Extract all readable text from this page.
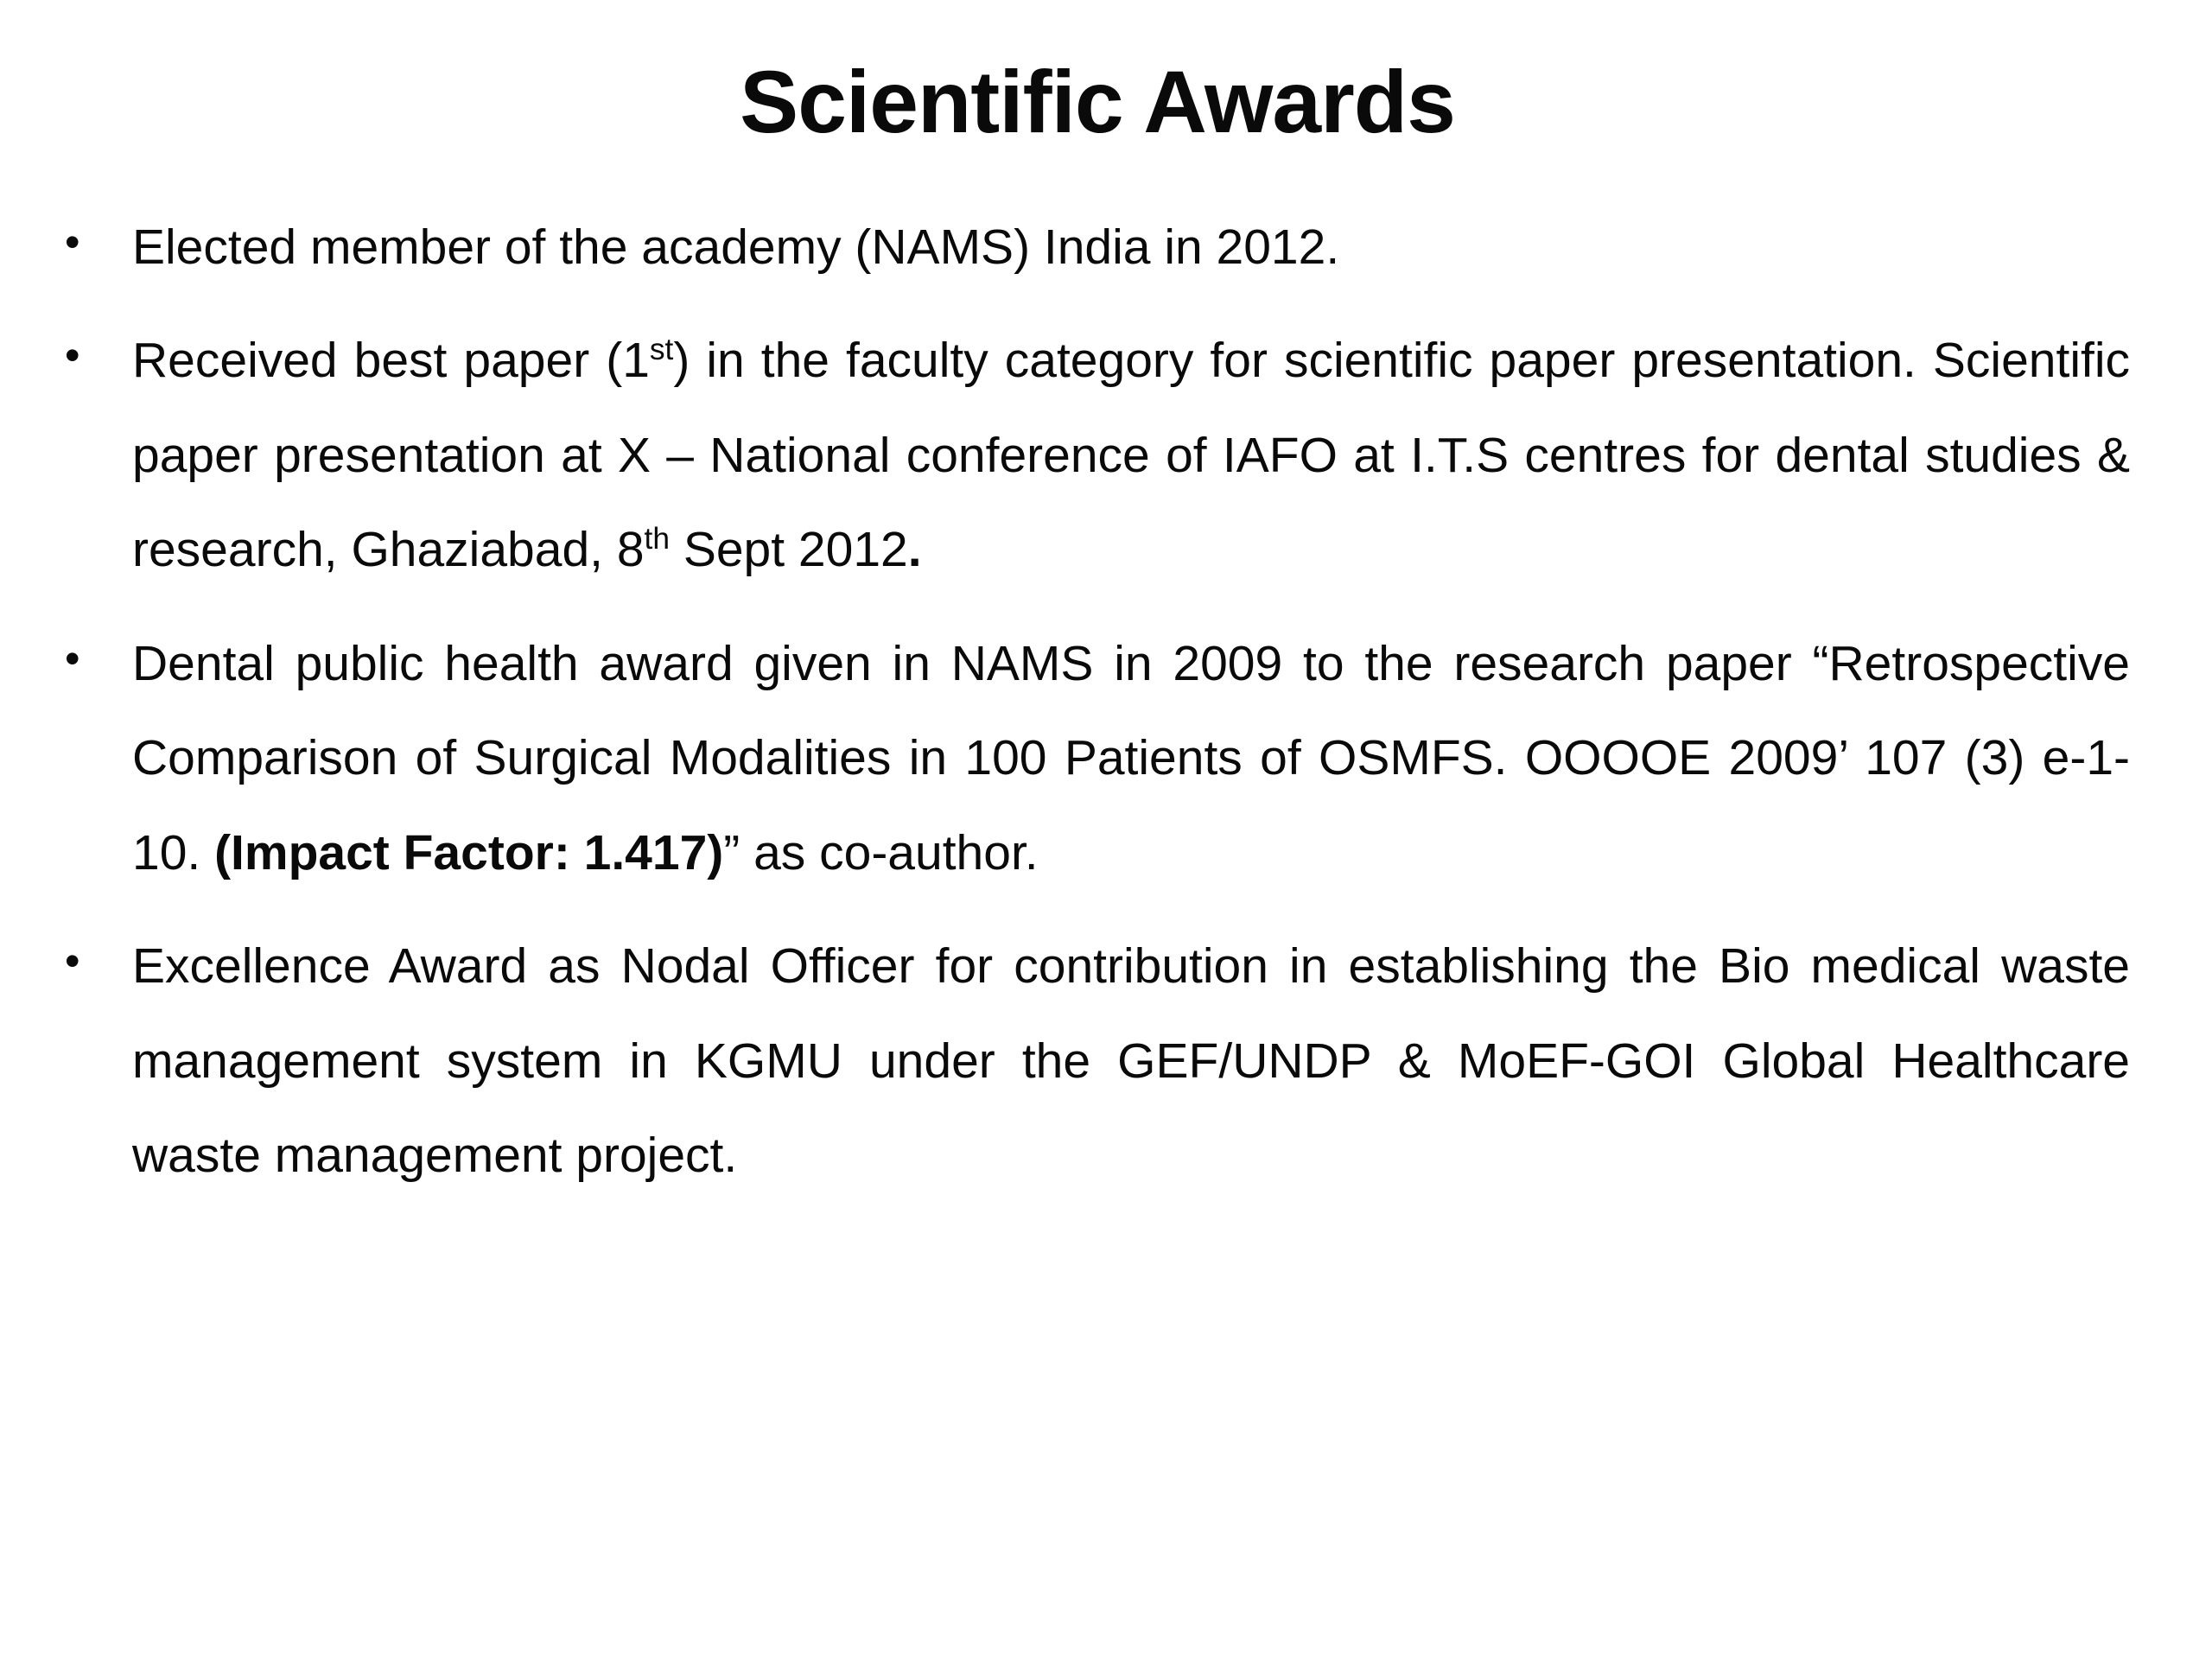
Scientific Awards
• Elected member of the academy (NAMS) India in 2012.
• Received best paper (1st) in the faculty category for scientific paper presentation. Scientific paper presentation at X – National conference of IAFO at I.T.S centres for dental studies & research, Ghaziabad, 8th Sept 2012.
• Dental public health award given in NAMS in 2009 to the research paper “Retrospective Comparison of Surgical Modalities in 100 Patients of OSMFS. OOOOE 2009’ 107 (3) e-1-10. (Impact Factor: 1.417)” as co-author.
• Excellence Award as Nodal Officer for contribution in establishing the Bio medical waste management system in KGMU under the GEF/UNDP & MoEF-GOI Global Healthcare waste management project.
